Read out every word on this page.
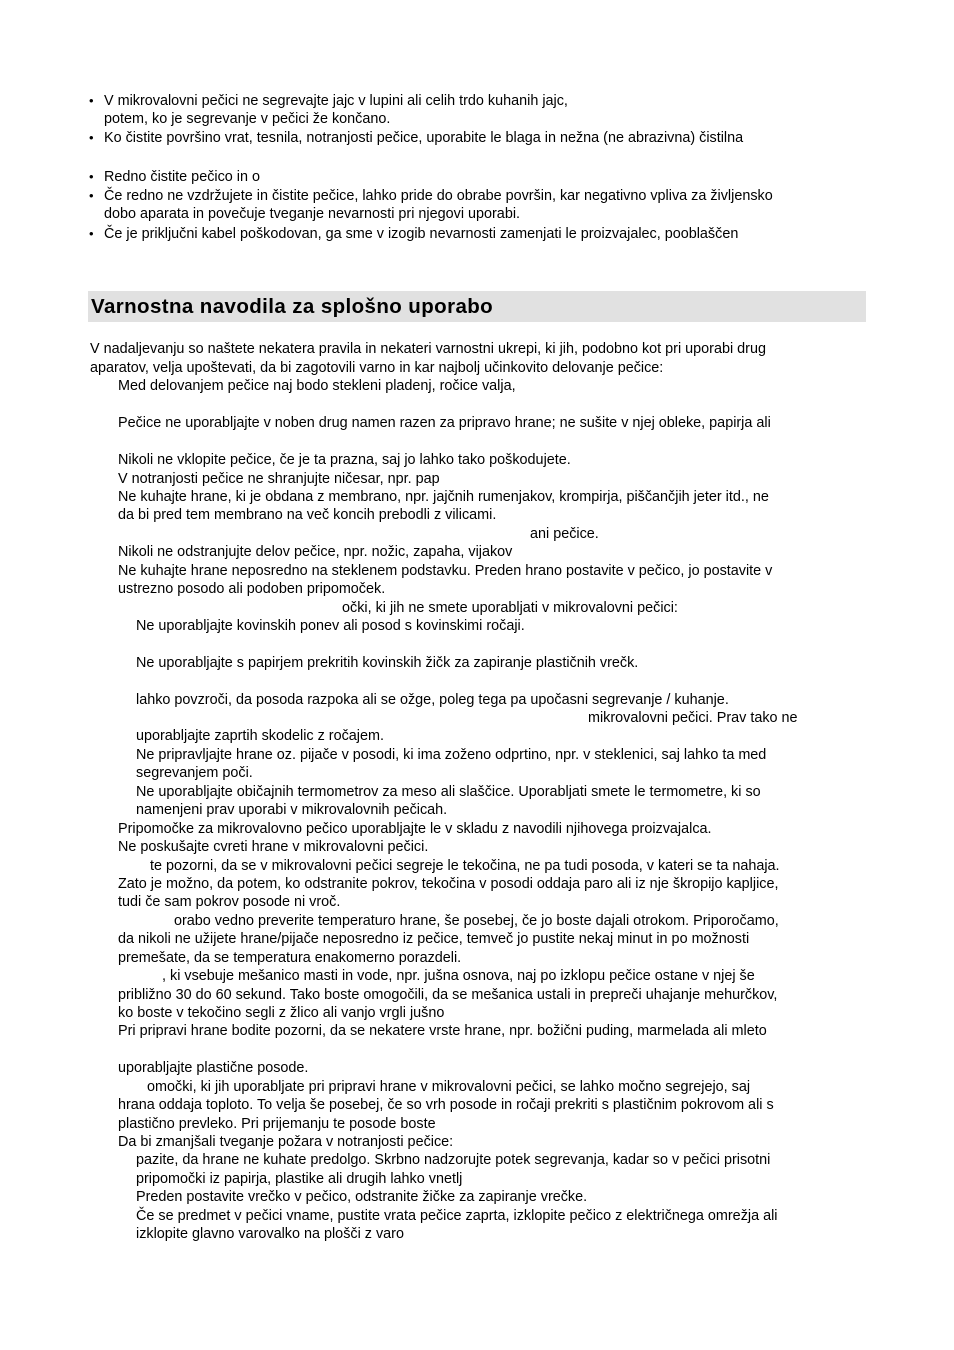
• V mikrovalovni pečici ne segrevajte jajc v lupini ali celih trdo kuhanih jajc,
potem, ko je segrevanje v pečici že končano.
• Ko čistite površino vrat, tesnila, notranjosti pečice, uporabite le blaga in nežna (ne abrazivna) čistilna
• Redno čistite pečico in o
• Če redno ne vzdržujete in čistite pečice, lahko pride do obrabe površin, kar negativno vpliva za življensko
dobo aparata in povečuje tveganje nevarnosti pri njegovi uporabi.
• Če je priključni kabel poškodovan, ga sme v izogib nevarnosti zamenjati le proizvajalec, pooblaščen
Varnostna navodila za splošno uporabo
V nadaljevanju so naštete nekatera pravila in nekateri varnostni ukrepi, ki jih, podobno kot pri uporabi drug
aparatov, velja upoštevati, da bi zagotovili varno in kar najbolj učinkovito delovanje pečice:
Med delovanjem pečice naj bodo stekleni pladenj, ročice valja,
Pečice ne uporabljajte v noben drug namen razen za pripravo hrane; ne sušite v njej obleke, papirja ali
Nikoli ne vklopite pečice, če je ta prazna, saj jo lahko tako poškodujete.
V notranjosti pečice ne shranjujte ničesar, npr. pap
Ne kuhajte hrane, ki je obdana z membrano, npr. jajčnih rumenjakov, krompirja, piščančjih jeter itd., ne
da bi pred tem membrano na več koncih prebodli z vilicami.
ani pečice.
Nikoli ne odstranjujte delov pečice, npr. nožic, zapaha, vijakov
Ne kuhajte hrane neposredno na steklenem podstavku. Preden hrano postavite v pečico, jo postavite v
ustrezno posodo ali podoben pripomoček.
očki, ki jih ne smete uporabljati v mikrovalovni pečici:
Ne uporabljajte kovinskih ponev ali posod s kovinskimi ročaji.
Ne uporabljajte s papirjem prekritih kovinskih žičk za zapiranje plastičnih vrečk.
lahko povzroči, da posoda razpoka ali se ožge, poleg tega pa upočasni segrevanje / kuhanje.
mikrovalovni pečici. Prav tako ne
uporabljajte zaprtih skodelic z ročajem.
Ne pripravljajte hrane oz. pijače v posodi, ki ima zoženo odprtino, npr. v steklenici, saj lahko ta med
segrevanjem poči.
Ne uporabljajte običajnih termometrov za meso ali slaščice. Uporabljati smete le termometre, ki so
namenjeni prav uporabi v mikrovalovnih pečicah.
Pripomočke za mikrovalovno pečico uporabljajte le v skladu z navodili njihovega proizvajalca.
Ne poskušajte cvreti hrane v mikrovalovni pečici.
te pozorni, da se v mikrovalovni pečici segreje le tekočina, ne pa tudi posoda, v kateri se ta nahaja.
Zato je možno, da potem, ko odstranite pokrov, tekočina v posodi oddaja paro ali iz nje škropijo kapljice,
tudi če sam pokrov posode ni vroč.
orabo vedno preverite temperaturo hrane, še posebej, če jo boste dajali otrokom. Priporočamo,
da nikoli ne užijete hrane/pijače neposredno iz pečice, temveč jo pustite nekaj minut in po možnosti
premešate, da se temperatura enakomerno porazdeli.
, ki vsebuje mešanico masti in vode, npr. jušna osnova, naj po izklopu pečice ostane v njej še
približno 30 do 60 sekund. Tako boste omogočili, da se mešanica ustali in prepreči uhajanje mehurčkov,
ko boste v tekočino segli z žlico ali vanjo vrgli jušno
Pri pripravi hrane bodite pozorni, da se nekatere vrste hrane, npr. božični puding, marmelada ali mleto
uporabljajte plastične posode.
omočki, ki jih uporabljate pri pripravi hrane v mikrovalovni pečici, se lahko močno segrejejo, saj
hrana oddaja toploto. To velja še posebej, če so vrh posode in ročaji prekriti s plastičnim pokrovom ali s
plastično prevleko. Pri prijemanju te posode boste
Da bi zmanjšali tveganje požara v notranjosti pečice:
pazite, da hrane ne kuhate predolgo. Skrbno nadzorujte potek segrevanja, kadar so v pečici prisotni
pripomočki iz papirja, plastike ali drugih lahko vnetlj
Preden postavite vrečko v pečico, odstranite žičke za zapiranje vrečke.
Če se predmet v pečici vname, pustite vrata pečice zaprta, izklopite pečico z električnega omrežja ali
izklopite glavno varovalko na plošči z varo
